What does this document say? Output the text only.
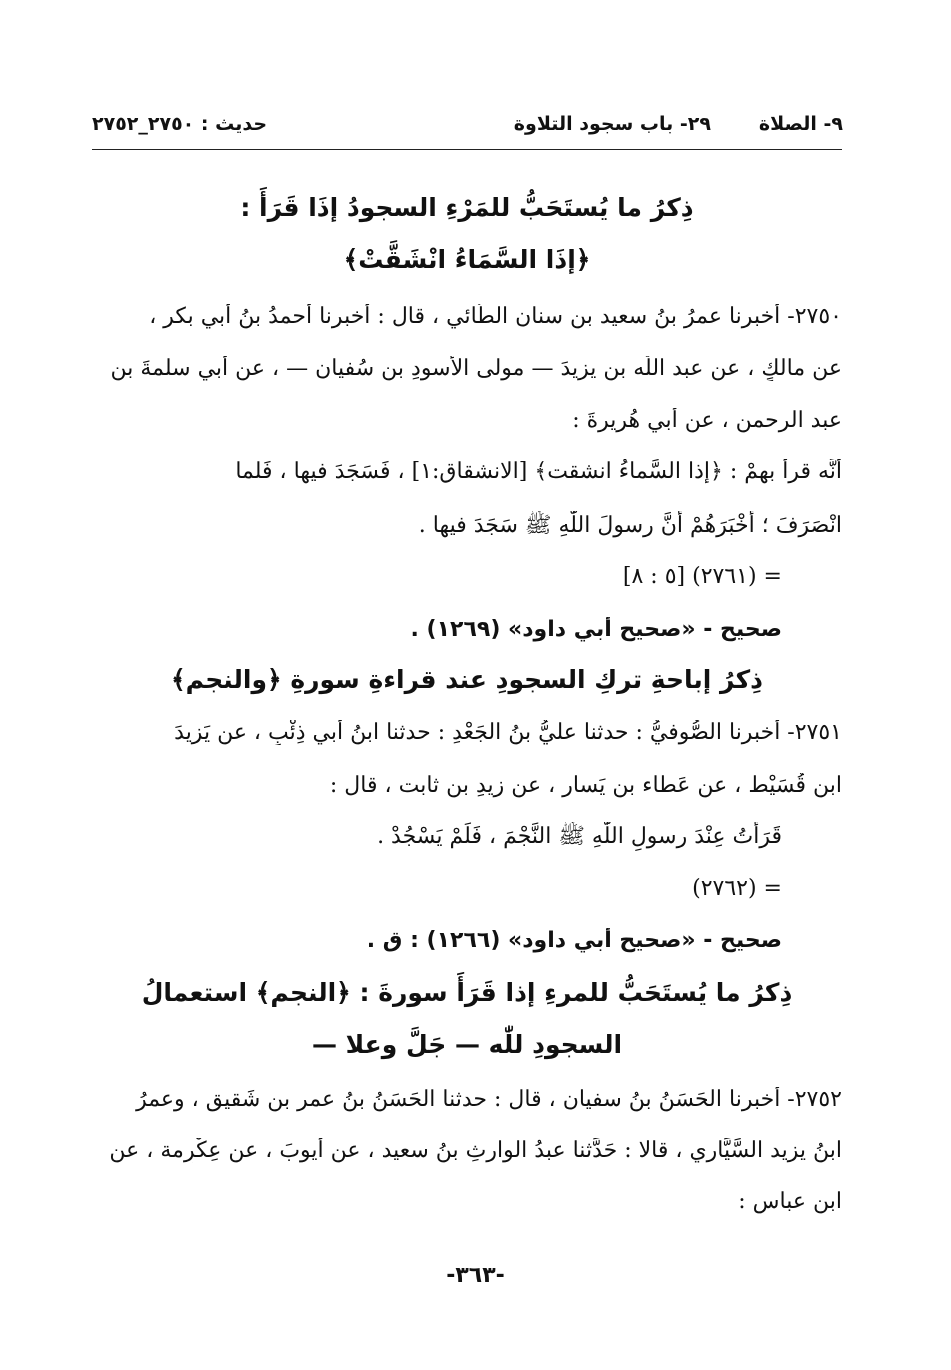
٩- الصلاة
٢٩- باب سجود التلاوة
حديث : ٢٧٥٠_٢٧٥٢
ذِكرُ ما يُستَحَبُّ للمَرْءِ السجودُ إذَا قَرَأَ :
﴿إذَا السَّمَاءُ انْشَقَّتْ﴾
٢٧٥٠- أخبرنا عمرُ بنُ سعيد بن سنان الطَّائي ، قال : أخبرنا أحمدُ بنُ أبي بكر ،
عن مالكٍ ، عن عبد اللّٰه بن يزيدَ — مولى الأسودِ بنِ سُفيان — ، عن أبي سلمةَ بنِ
عبد الرحمن ، عن أبي هُريرةَ :
أنَّه قرأَ بهِمْ : ﴿إذا السَّماءُ انشقت﴾ [الانشقاق:١] ، فَسَجَدَ فيها ، فَلما
انْصَرَفَ ؛ أَخْبَرَهُمْ أَنَّ رسولَ اللّٰهِ ﷺ سَجَدَ فيها .
= (٢٧٦١) [٥ : ٨]
صحيح - «صحيح أبي داود» (١٢٦٩) .
ذِكرُ إباحةِ تركِ السجودِ عند قراءةِ سورةِ ﴿والنجم﴾
٢٧٥١- أخبرنا الصُّوفيُّ : حدثنا عليُّ بنُ الجَعْدِ : حدثنا ابنُ أبي ذِئْبٍ ، عن يَزيدَ
ابنِ قُسَيْط ، عن عَطاء بن يَسار ، عن زيدِ بن ثابت ، قال :
قَرَأْتُ عِنْدَ رسولِ اللّٰهِ ﷺ النَّجْمَ ، فَلَمْ يَسْجُدْ .
= (٢٧٦٢)
صحيح - «صحيح أبي داود» (١٢٦٦) : ق .
ذِكرُ ما يُستَحَبُّ للمرءِ إذا قَرَأَ سورةَ : ﴿النجم﴾ استعمالُ
السجودِ للّٰه — جَلَّ وعلا —
٢٧٥٢- أخبرنا الحَسَنُ بنُ سفيان ، قال : حدثنا الحَسَنُ بنُ عمر بن شَقيق ، وعمرُ
ابنُ يزيد السَّيَّاري ، قالا : حَدَّثنا عبدُ الوارثِ بنُ سعيد ، عن أيوبَ ، عن عِكْرِمة ، عن
ابنِ عباس :
-٣٦٣-
